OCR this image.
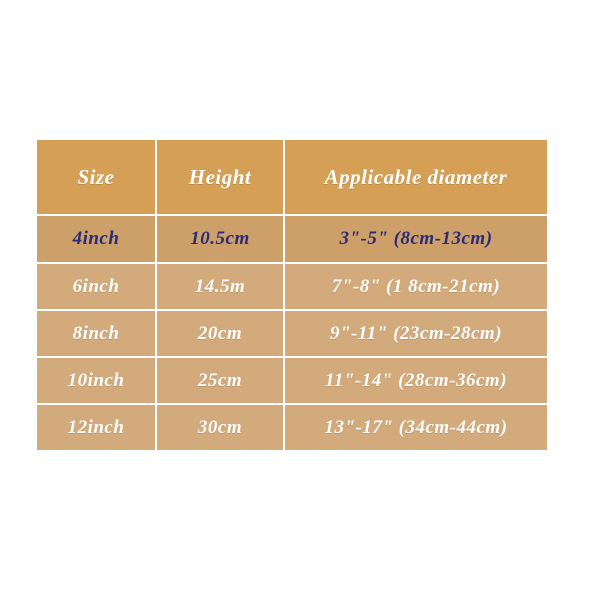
Size	Height	Applicable diameter
4inch	10.5cm	3"-5" (8cm-13cm)
6inch	14.5m	7"-8" (1 8cm-21cm)
8inch	20cm	9"-11" (23cm-28cm)
10inch	25cm	11"-14" (28cm-36cm)
12inch	30cm	13"-17" (34cm-44cm)
